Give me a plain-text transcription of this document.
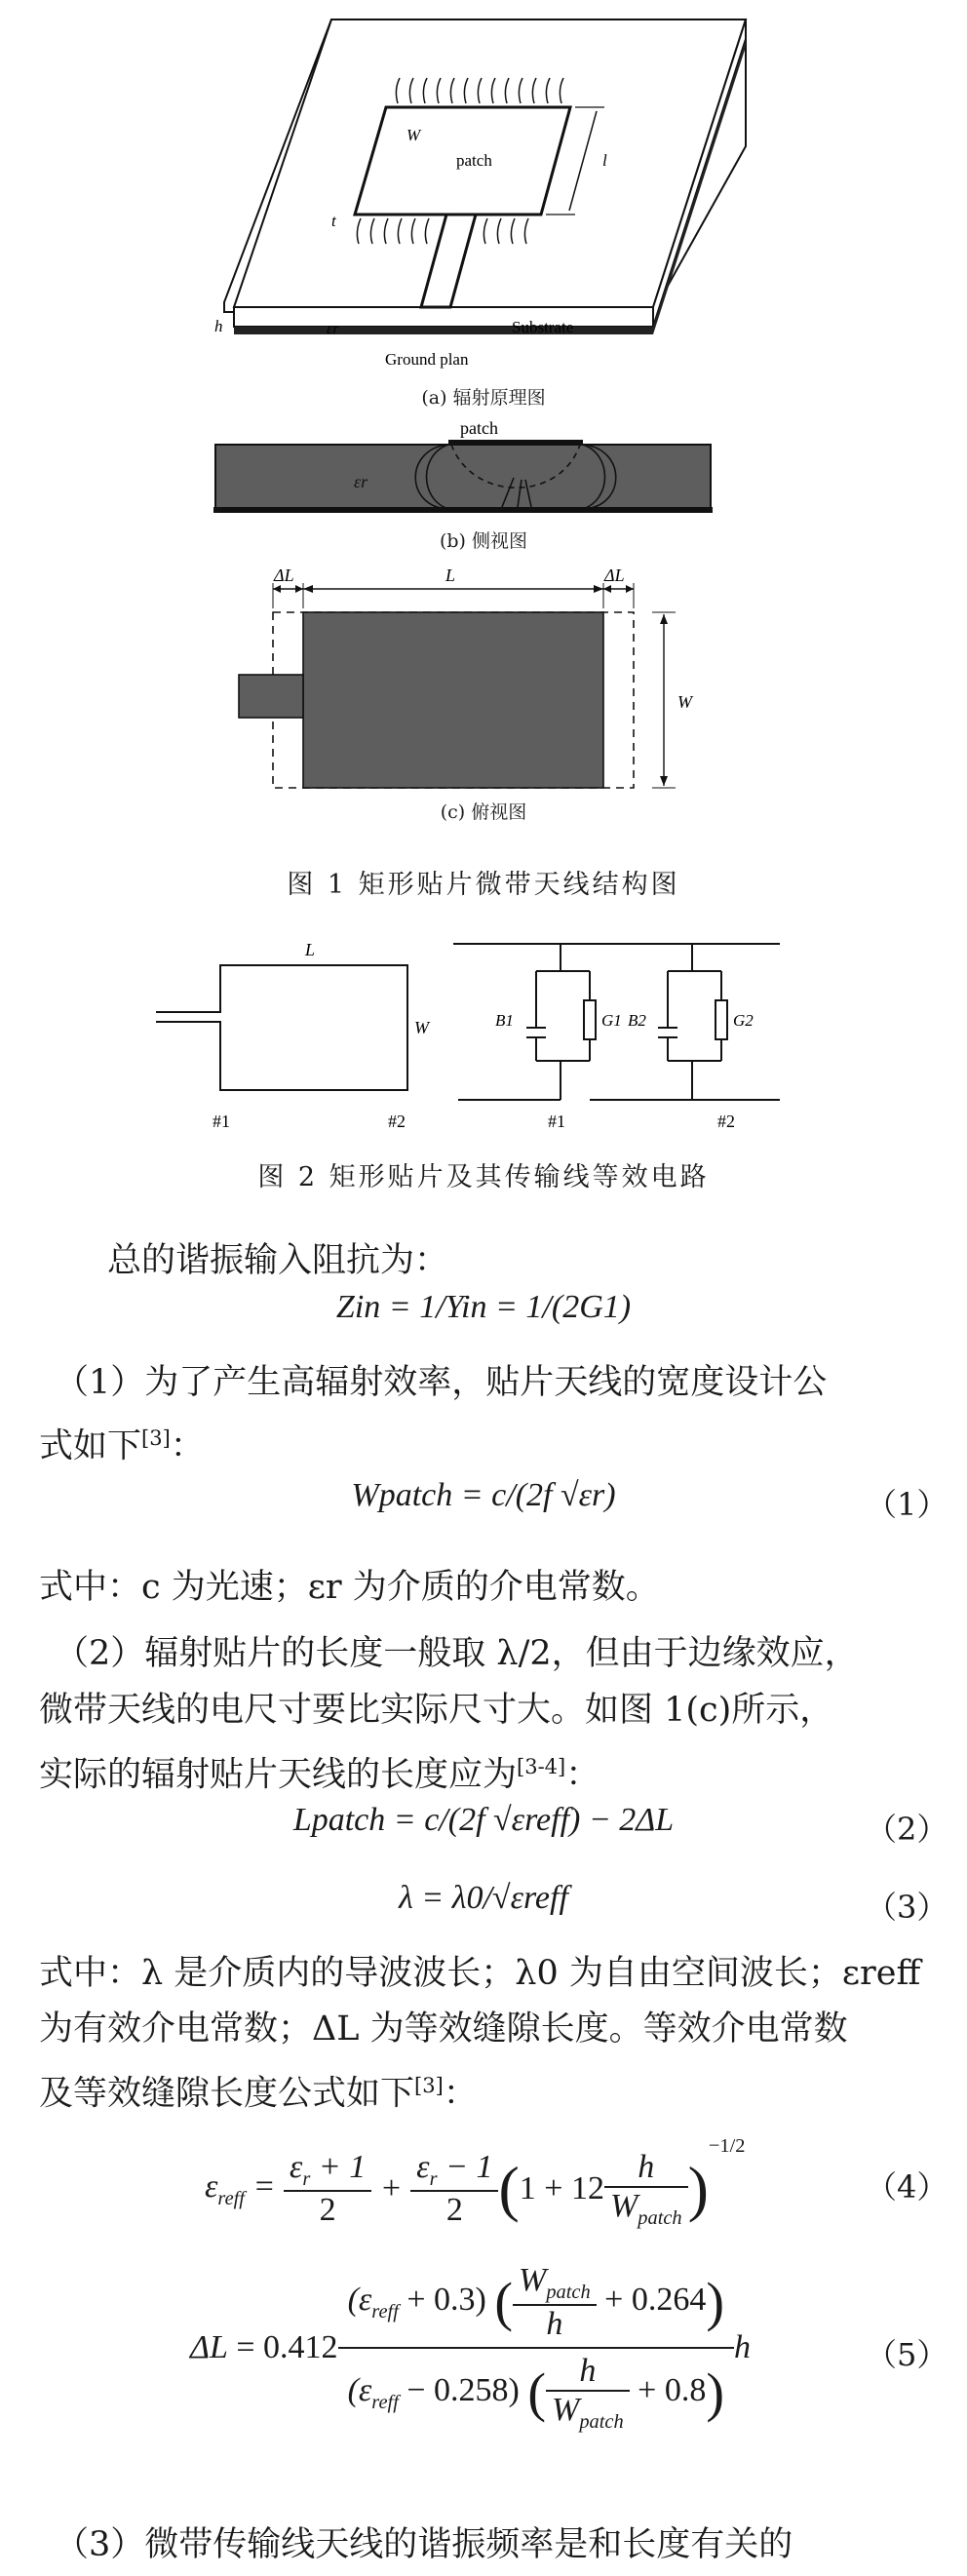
W
patch	l
t
h	εr	Substrate
Ground plan
(a) 辐射原理图
patch
εr
(b) 侧视图
ΔL	L	ΔL
W
(c) 俯视图
图 1 矩形贴片微带天线结构图
L
W
#1	#2
B1	G1 B2	G2
#1	#2
图 2 矩形贴片及其传输线等效电路
总的谐振输入阻抗为：
Zin = 1/Yin = 1/(2G1)
（1）为了产生高辐射效率，贴片天线的宽度设计公
式如下[3]：
Wpatch = c/(2f √εr)	（1）
式中：c 为光速；εr 为介质的介电常数。
（2）辐射贴片的长度一般取 λ/2，但由于边缘效应，
微带天线的电尺寸要比实际尺寸大。如图 1(c)所示，
实际的辐射贴片天线的长度应为[3-4]：
Lpatch = c/(2f √εreff) − 2ΔL	（2）
λ = λ0/√εreff	（3）
式中：λ 是介质内的导波波长；λ0 为自由空间波长；εreff
为有效介电常数；ΔL 为等效缝隙长度。等效介电常数
及等效缝隙长度公式如下[3]：
$\varepsilon_{reff} = \frac{\varepsilon_r + 1}{2} + \frac{\varepsilon_r - 1}{2}$ ( $1 + 12 \frac{h}{W_{patch}}$ )
$^{-1/2}$
（4）
$\Delta L = 0.412 \frac{(\varepsilon_{reff} + 0.3) ( \frac{W_{patch}}{h} + 0.264)}{(\varepsilon_{reff} - 0.258) ( \frac{h}{W_{patch}} + 0.8)}$ h	（5）
（3）微带传输线天线的谐振频率是和长度有关的
